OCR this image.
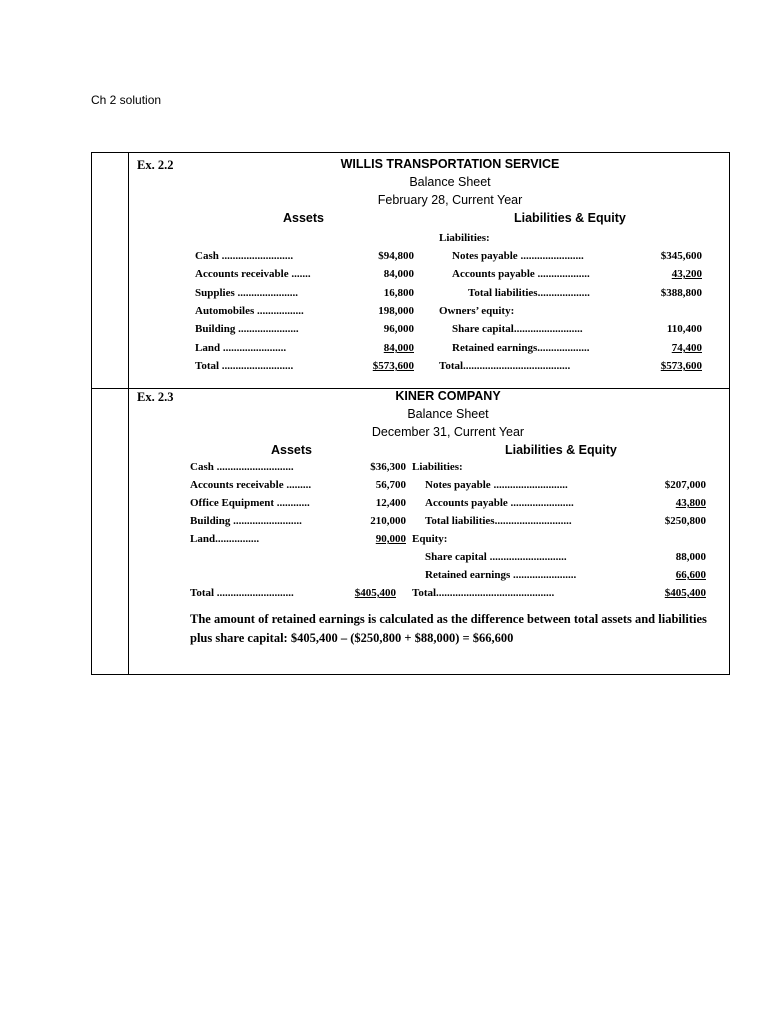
Ch 2 solution
Ex. 2.2	WILLIS TRANSPORTATION SERVICE
Balance Sheet
February 28, Current Year
Assets	Liabilities & Equity
Cash ..........................	$94,800
Accounts receivable .......	84,000
Supplies ......................	16,800
Automobiles .................	198,000
Building ......................	96,000
Land .......................	84,000
Total ..........................	$573,600
Liabilities:
Notes payable .......................	$345,600
Accounts payable ...................	43,200
Total liabilities...................	$388,800
Owners’ equity:
Share capital.........................	110,400
Retained earnings...................	74,400
Total.......................................	$573,600
Ex. 2.3	KINER COMPANY
Balance Sheet
December 31, Current Year
Assets	Liabilities & Equity
Cash ............................	$36,300
Accounts receivable .........	56,700
Office Equipment ............	12,400
Building .........................	210,000
Land................	90,000
Total ............................	$405,400
Liabilities:
Notes payable ...........................	$207,000
Accounts payable .......................	43,800
Total liabilities............................	$250,800
Equity:
Share capital ............................	88,000
Retained earnings .......................	66,600
Total...........................................	$405,400
The amount of retained earnings is calculated as the difference between total assets and liabilities plus share capital: $405,400 – ($250,800 + $88,000) = $66,600
